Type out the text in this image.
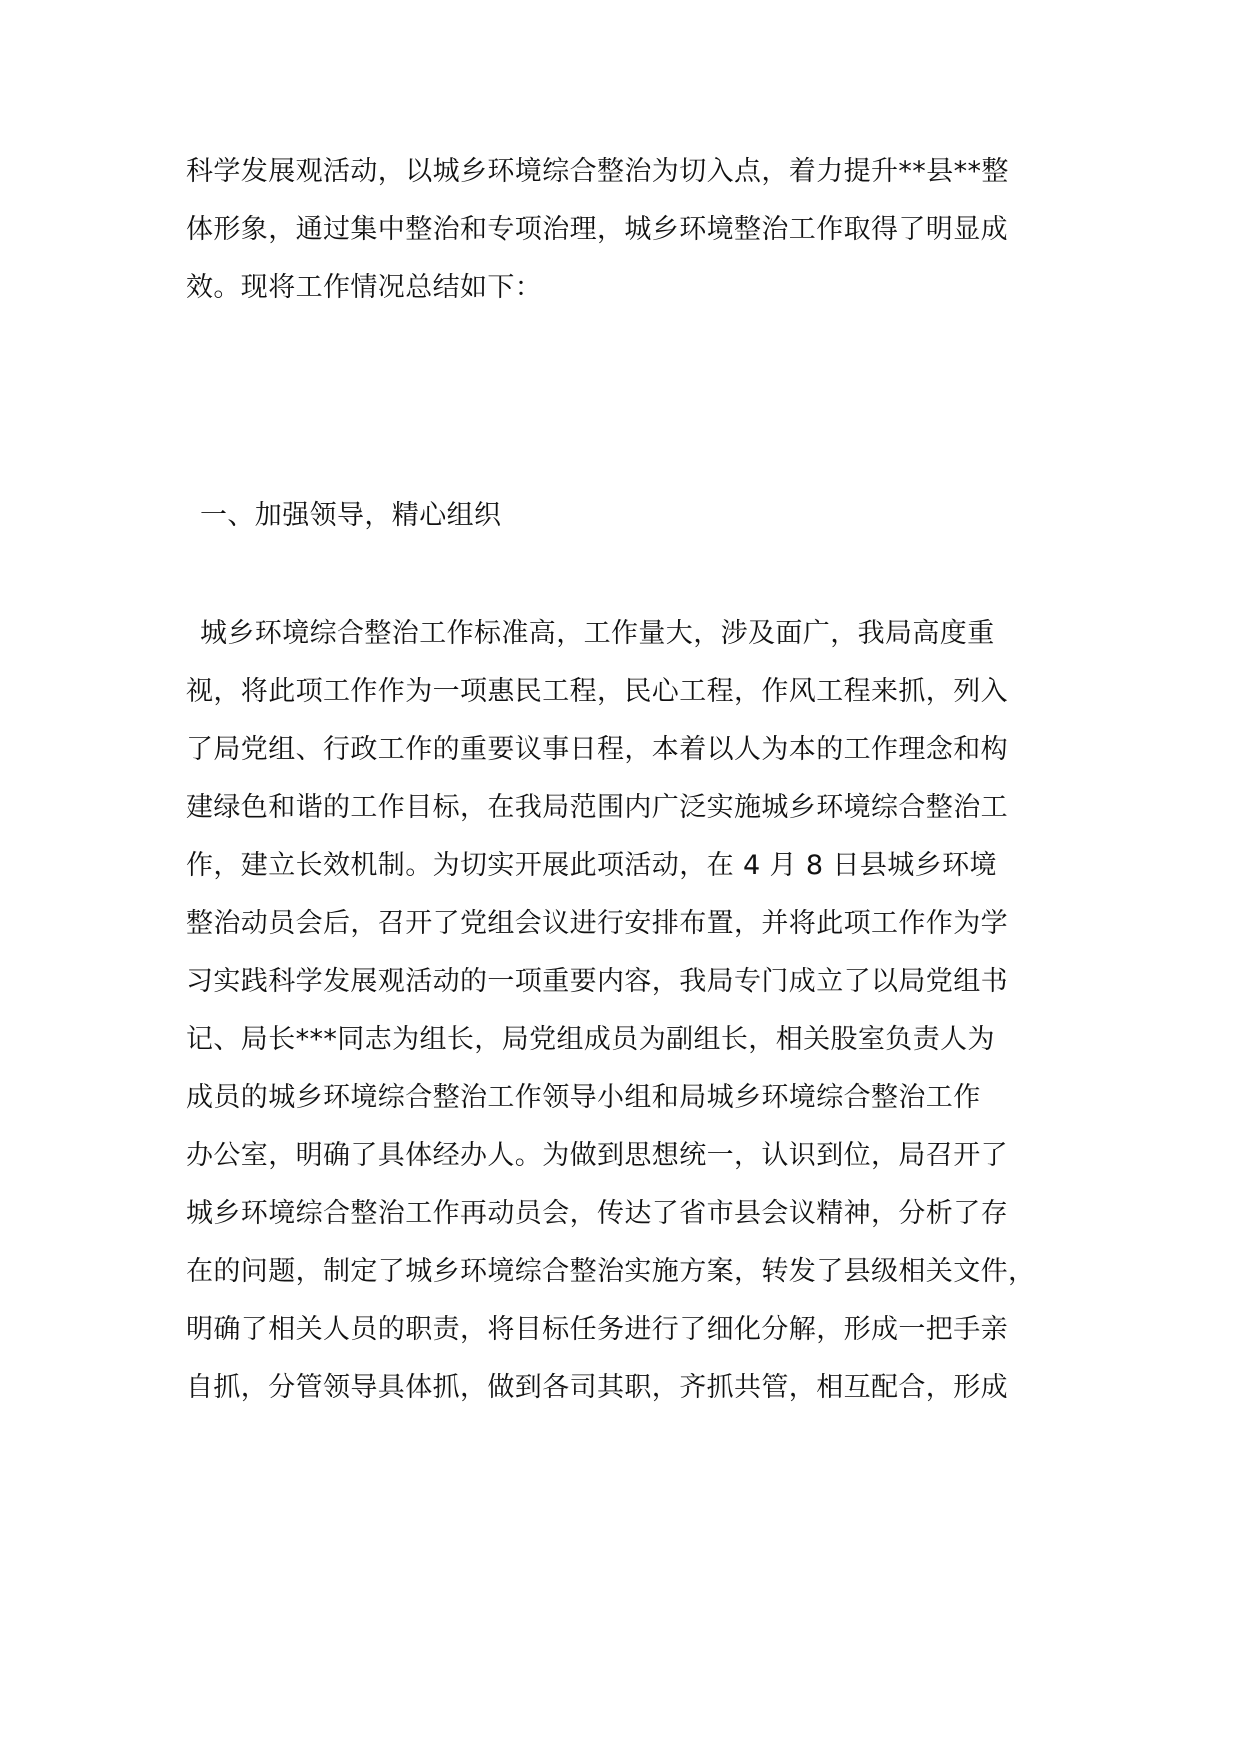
科学发展观活动，以城乡环境综合整治为切入点，着力提升**县**整
体形象，通过集中整治和专项治理，城乡环境整治工作取得了明显成
效。现将工作情况总结如下：
一、加强领导，精心组织
城乡环境综合整治工作标准高，工作量大，涉及面广，我局高度重
视，将此项工作作为一项惠民工程，民心工程，作风工程来抓，列入
了局党组、行政工作的重要议事日程，本着以人为本的工作理念和构
建绿色和谐的工作目标，在我局范围内广泛实施城乡环境综合整治工
作，建立长效机制。为切实开展此项活动，在 4 月 8 日县城乡环境
整治动员会后，召开了党组会议进行安排布置，并将此项工作作为学
习实践科学发展观活动的一项重要内容，我局专门成立了以局党组书
记、局长***同志为组长，局党组成员为副组长，相关股室负责人为
成员的城乡环境综合整治工作领导小组和局城乡环境综合整治工作
办公室，明确了具体经办人。为做到思想统一，认识到位，局召开了
城乡环境综合整治工作再动员会，传达了省市县会议精神，分析了存
在的问题，制定了城乡环境综合整治实施方案，转发了县级相关文件，
明确了相关人员的职责，将目标任务进行了细化分解，形成一把手亲
自抓，分管领导具体抓，做到各司其职，齐抓共管，相互配合，形成
